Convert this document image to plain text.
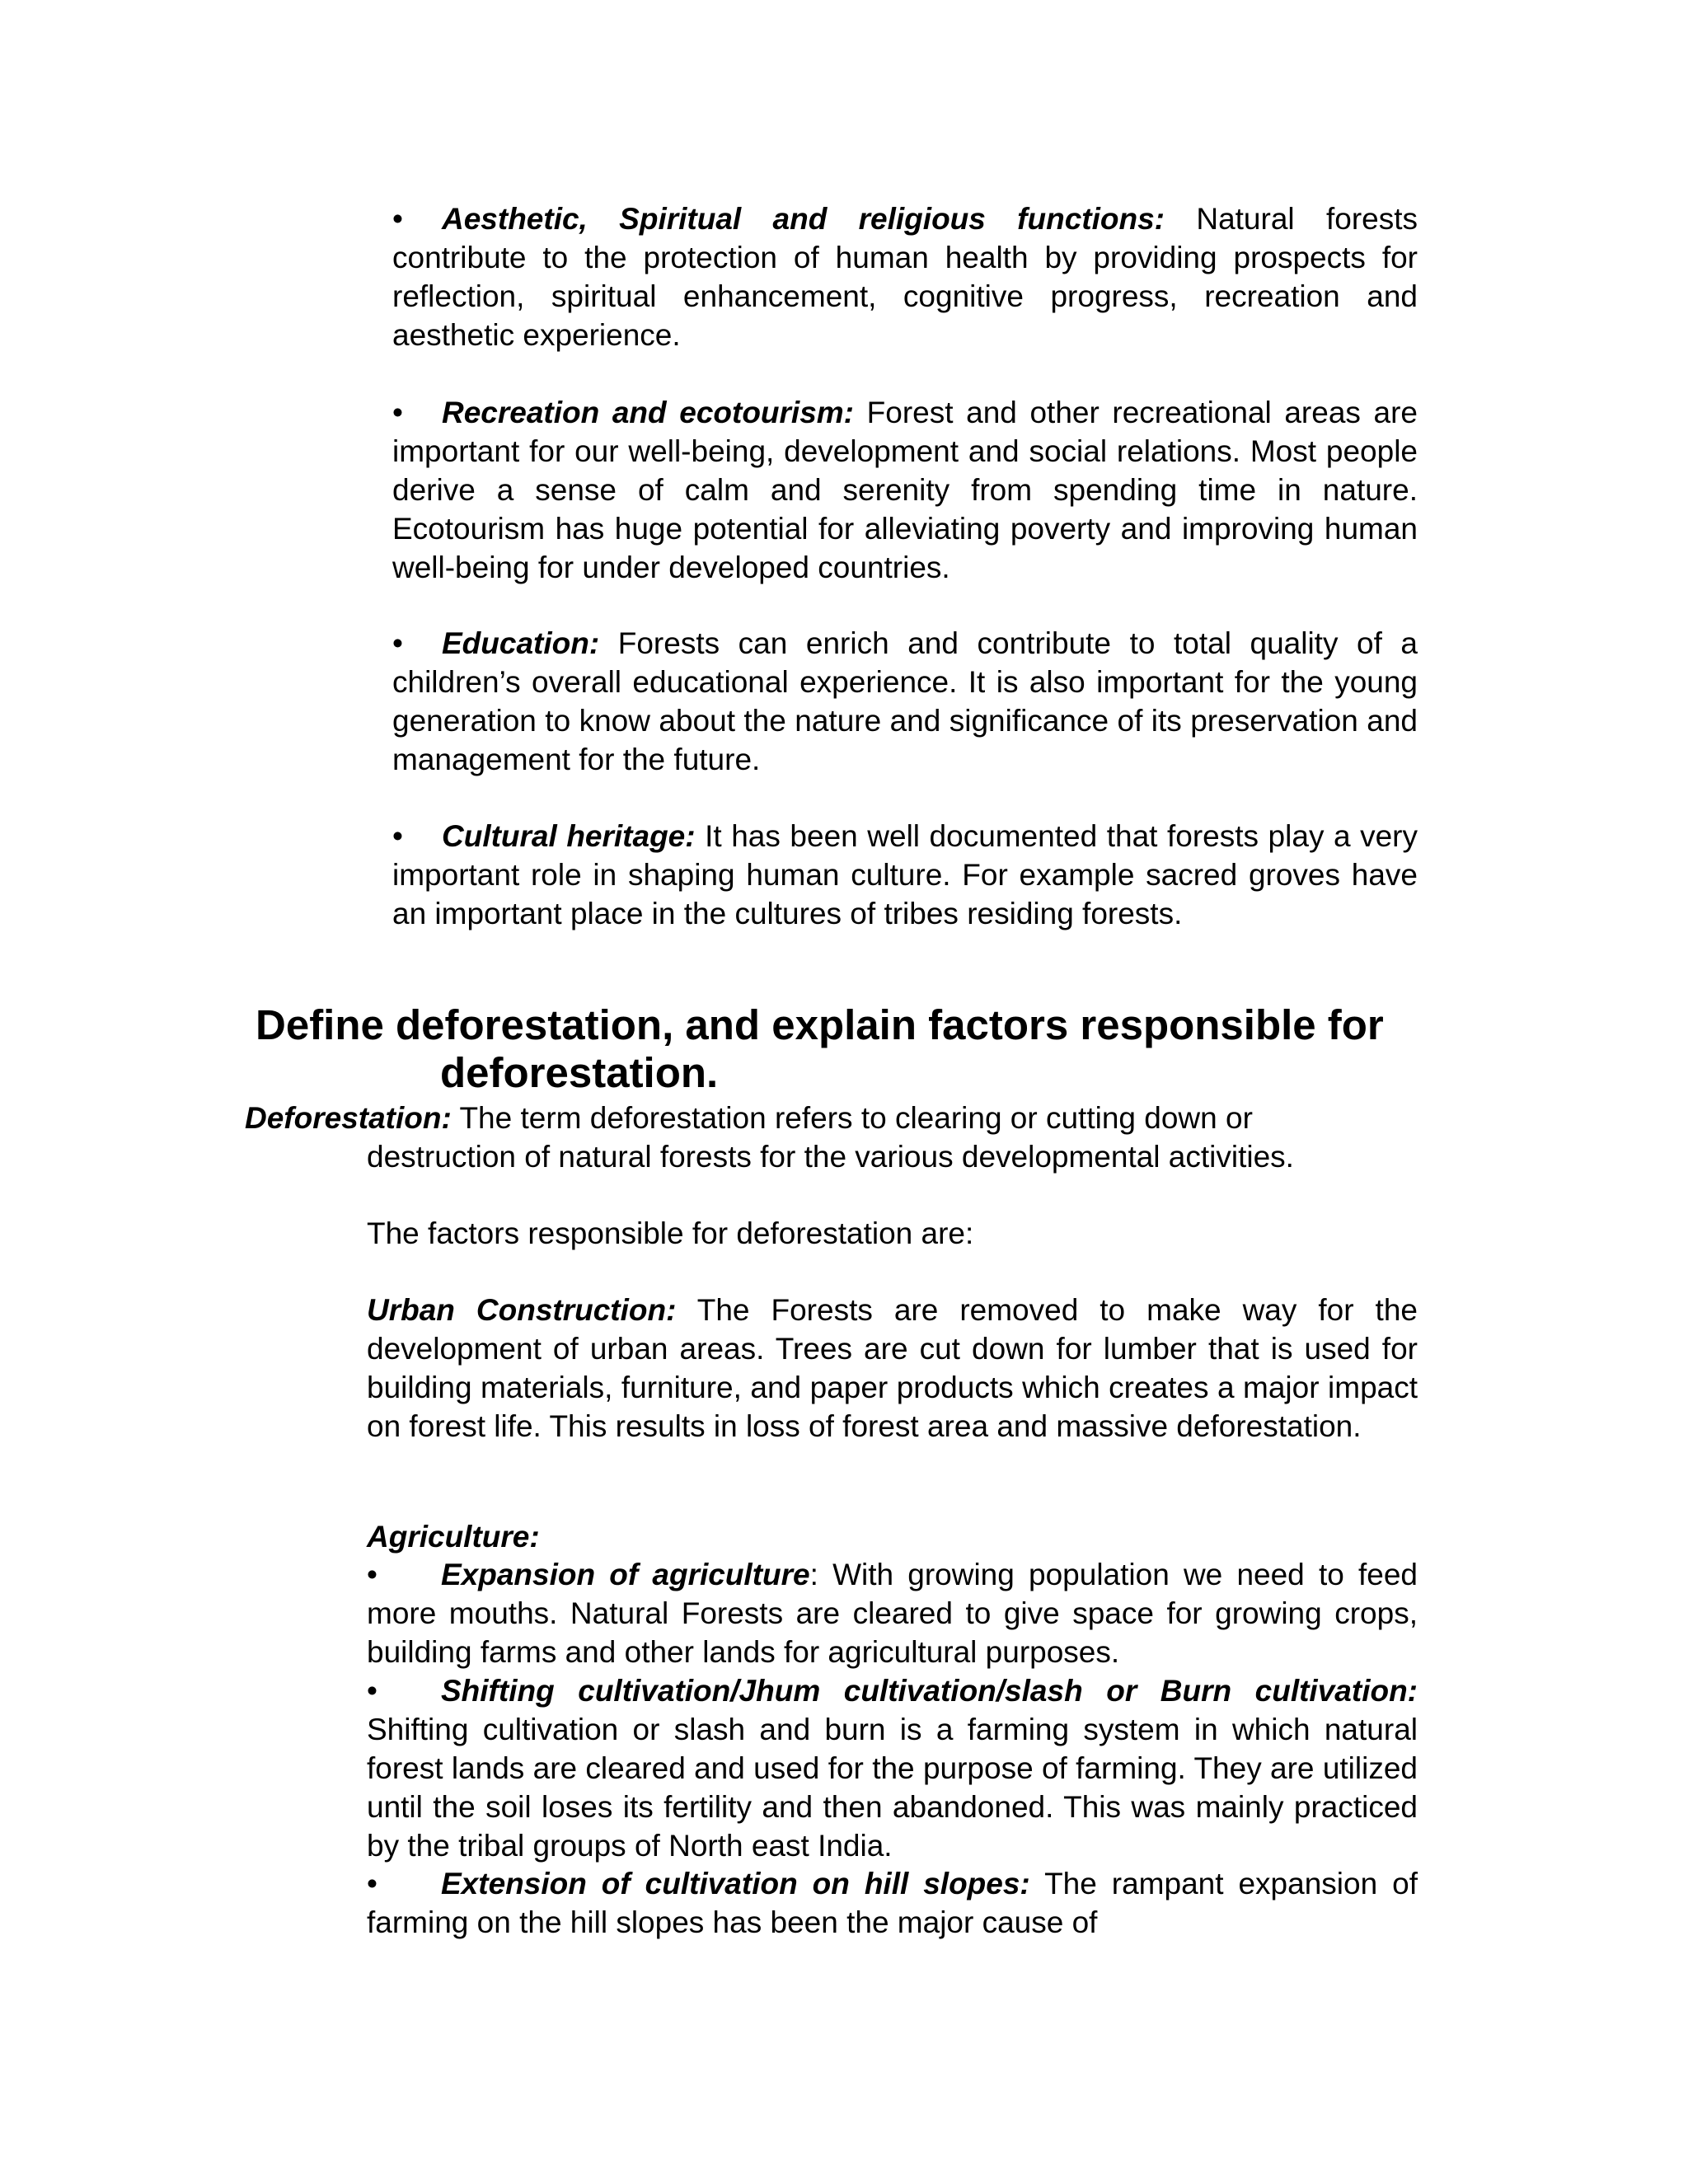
• Aesthetic, Spiritual and religious functions: Natural forests contribute to the protection of human health by providing prospects for reflection, spiritual enhancement, cognitive progress, recreation and aesthetic experience.

• Recreation and ecotourism: Forest and other recreational areas are important for our well-being, development and social relations. Most people derive a sense of calm and serenity from spending time in nature. Ecotourism has huge potential for alleviating poverty and improving human well-being for under developed countries.

• Education: Forests can enrich and contribute to total quality of a children’s overall educational experience. It is also important for the young generation to know about the nature and significance of its preservation and management for the future.

• Cultural heritage: It has been well documented that forests play a very important role in shaping human culture. For example sacred groves have an important place in the cultures of tribes residing forests.

Define deforestation, and explain factors responsible for
deforestation.
Deforestation: The term deforestation refers to clearing or cutting down or
destruction of natural forests for the various developmental activities.

The factors responsible for deforestation are:

Urban Construction: The Forests are removed to make way for the development of urban areas. Trees are cut down for lumber that is used for building materials, furniture, and paper products which creates a major impact on forest life. This results in loss of forest area and massive deforestation.

Agriculture:

• Expansion of agriculture: With growing population we need to feed more mouths. Natural Forests are cleared to give space for growing crops, building farms and other lands for agricultural purposes.

• Shifting cultivation/Jhum cultivation/slash or Burn cultivation: Shifting cultivation or slash and burn is a farming system in which natural forest lands are cleared and used for the purpose of farming. They are utilized until the soil loses its fertility and then abandoned. This was mainly practiced by the tribal groups of North east India.

• Extension of cultivation on hill slopes: The rampant expansion of farming on the hill slopes has been the major cause of
